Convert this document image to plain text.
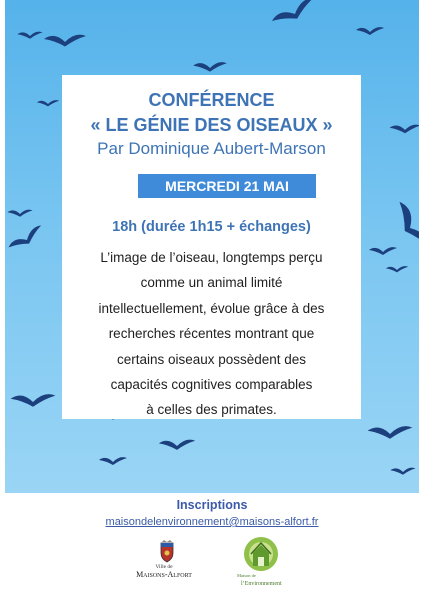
CONFÉRENCE
« LE GÉNIE DES OISEAUX »
Par Dominique Aubert-Marson
MERCREDI 21 MAI
18h (durée 1h15 + échanges)
L’image de l’oiseau, longtemps perçu
comme un animal limité
intellectuellement, évolue grâce à des
recherches récentes montrant que
certains oiseaux possèdent des
capacités cognitives comparables
à celles des primates.
Inscriptions
maisondelenvironnement@maisons-alfort.fr
Ville de
Maisons-Alfort	Maison de
l’Environnement
